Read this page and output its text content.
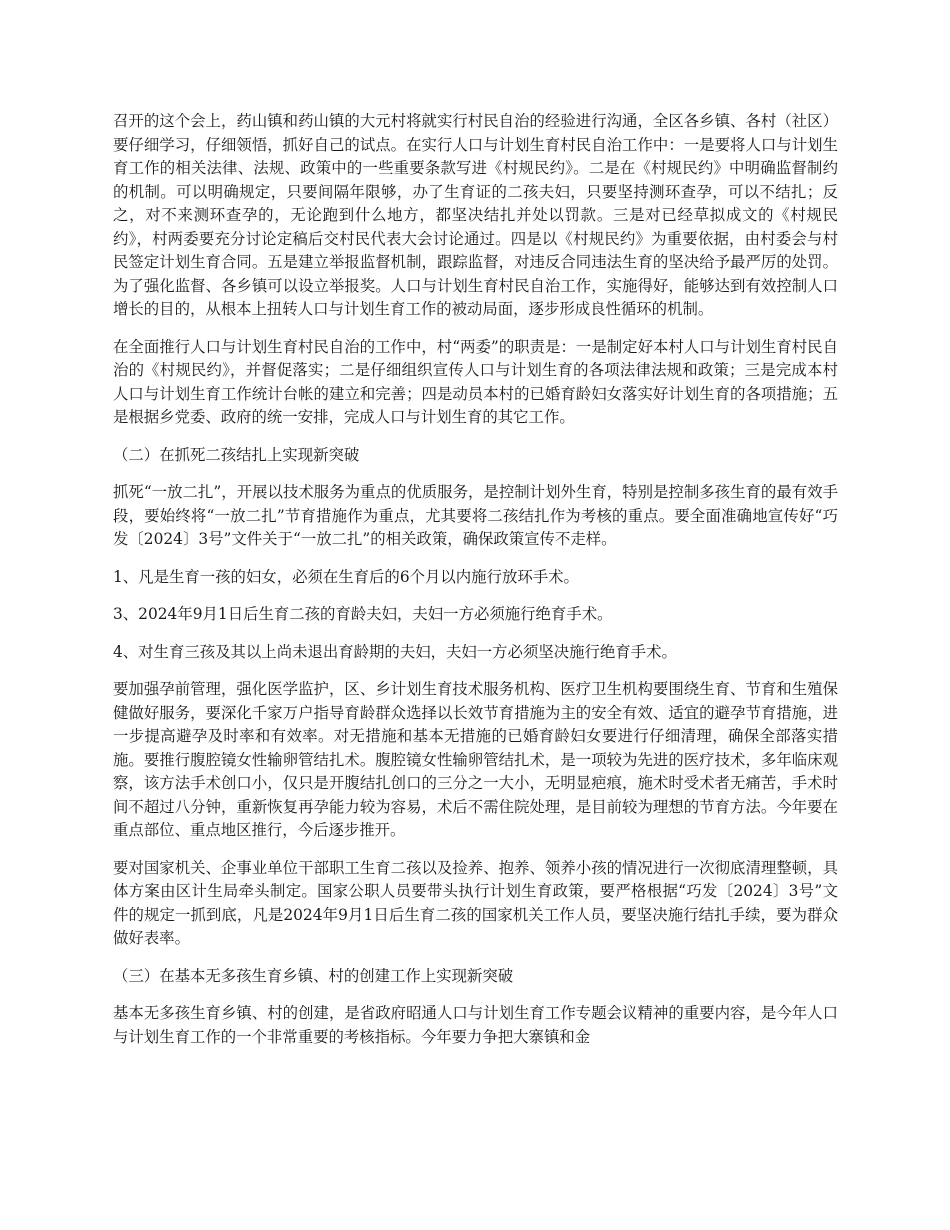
召开的这个会上，药山镇和药山镇的大元村将就实行村民自治的经验进行沟通，全区各乡镇、各村（社区）要仔细学习，仔细领悟，抓好自己的试点。在实行人口与计划生育村民自治工作中：一是要将人口与计划生育工作的相关法律、法规、政策中的一些重要条款写进《村规民约》。二是在《村规民约》中明确监督制约的机制。可以明确规定，只要间隔年限够，办了生育证的二孩夫妇，只要坚持测环查孕，可以不结扎；反之，对不来测环查孕的，无论跑到什么地方，都坚决结扎并处以罚款。三是对已经草拟成文的《村规民约》，村两委要充分讨论定稿后交村民代表大会讨论通过。四是以《村规民约》为重要依据，由村委会与村民签定计划生育合同。五是建立举报监督机制，跟踪监督，对违反合同违法生育的坚决给予最严厉的处罚。为了强化监督、各乡镇可以设立举报奖。人口与计划生育村民自治工作，实施得好，能够达到有效控制人口增长的目的，从根本上扭转人口与计划生育工作的被动局面，逐步形成良性循环的机制。

在全面推行人口与计划生育村民自治的工作中，村“两委”的职责是：一是制定好本村人口与计划生育村民自治的《村规民约》，并督促落实；二是仔细组织宣传人口与计划生育的各项法律法规和政策；三是完成本村人口与计划生育工作统计台帐的建立和完善；四是动员本村的已婚育龄妇女落实好计划生育的各项措施；五是根据乡党委、政府的统一安排，完成人口与计划生育的其它工作。

（二）在抓死二孩结扎上实现新突破

抓死“一放二扎”，开展以技术服务为重点的优质服务，是控制计划外生育，特别是控制多孩生育的最有效手段，要始终将“一放二扎”节育措施作为重点，尤其要将二孩结扎作为考核的重点。要全面准确地宣传好“巧发〔2024〕3号”文件关于“一放二扎”的相关政策，确保政策宣传不走样。

1、凡是生育一孩的妇女，必须在生育后的6个月以内施行放环手术。

3、2024年9月1日后生育二孩的育龄夫妇，夫妇一方必须施行绝育手术。

4、对生育三孩及其以上尚未退出育龄期的夫妇，夫妇一方必须坚决施行绝育手术。

要加强孕前管理，强化医学监护，区、乡计划生育技术服务机构、医疗卫生机构要围绕生育、节育和生殖保健做好服务，要深化千家万户指导育龄群众选择以长效节育措施为主的安全有效、适宜的避孕节育措施，进一步提高避孕及时率和有效率。对无措施和基本无措施的已婚育龄妇女要进行仔细清理，确保全部落实措施。要推行腹腔镜女性输卵管结扎术。腹腔镜女性输卵管结扎术，是一项较为先进的医疗技术，多年临床观察，该方法手术创口小，仅只是开腹结扎创口的三分之一大小，无明显疤痕，施术时受术者无痛苦，手术时间不超过八分钟，重新恢复再孕能力较为容易，术后不需住院处理，是目前较为理想的节育方法。今年要在重点部位、重点地区推行，今后逐步推开。

要对国家机关、企事业单位干部职工生育二孩以及捡养、抱养、领养小孩的情况进行一次彻底清理整顿，具体方案由区计生局牵头制定。国家公职人员要带头执行计划生育政策，要严格根据“巧发〔2024〕3号”文件的规定一抓到底，凡是2024年9月1日后生育二孩的国家机关工作人员，要坚决施行结扎手续，要为群众做好表率。

（三）在基本无多孩生育乡镇、村的创建工作上实现新突破

基本无多孩生育乡镇、村的创建，是省政府昭通人口与计划生育工作专题会议精神的重要内容，是今年人口与计划生育工作的一个非常重要的考核指标。今年要力争把大寨镇和金
